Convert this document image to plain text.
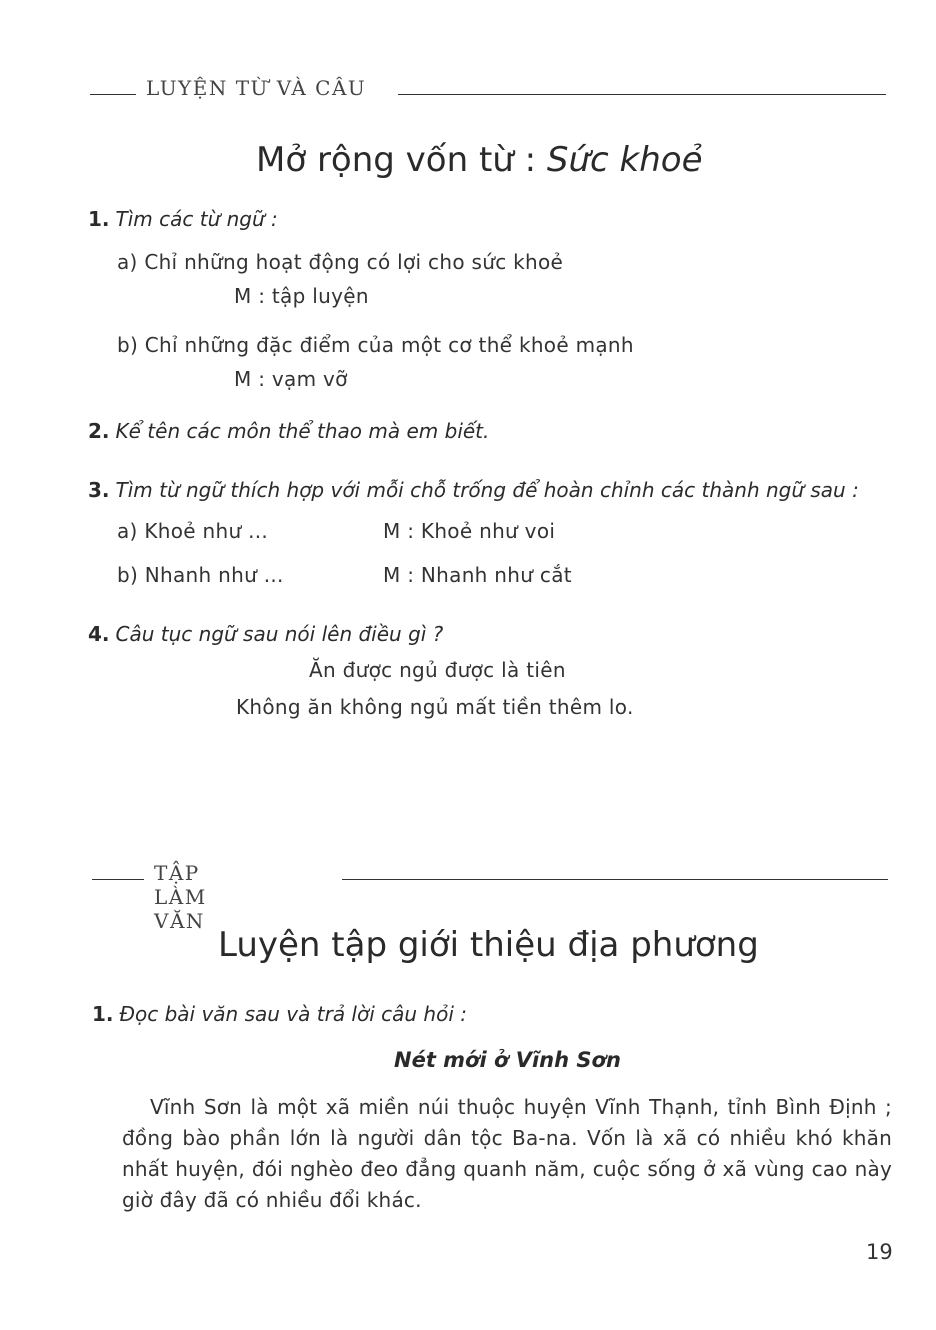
LUYỆN TỪ VÀ CÂU
Mở rộng vốn từ : Sức khoẻ
1. Tìm các từ ngữ :
a) Chỉ những hoạt động có lợi cho sức khoẻ
M : tập luyện
b) Chỉ những đặc điểm của một cơ thể khoẻ mạnh
M : vạm vỡ
2. Kể tên các môn thể thao mà em biết.
3. Tìm từ ngữ thích hợp với mỗi chỗ trống để hoàn chỉnh các thành ngữ sau :
a) Khoẻ như ...	M : Khoẻ như voi
b) Nhanh như ...	M : Nhanh như cắt
4. Câu tục ngữ sau nói lên điều gì ?
Ăn được ngủ được là tiên
Không ăn không ngủ mất tiền thêm lo.
TẬP LÀM VĂN
Luyện tập giới thiệu địa phương
1. Đọc bài văn sau và trả lời câu hỏi :
Nét mới ở Vĩnh Sơn
Vĩnh Sơn là một xã miền núi thuộc huyện Vĩnh Thạnh, tỉnh Bình Định ; đồng bào phần lớn là người dân tộc Ba-na. Vốn là xã có nhiều khó khăn nhất huyện, đói nghèo đeo đẳng quanh năm, cuộc sống ở xã vùng cao này giờ đây đã có nhiều đổi khác.
19
